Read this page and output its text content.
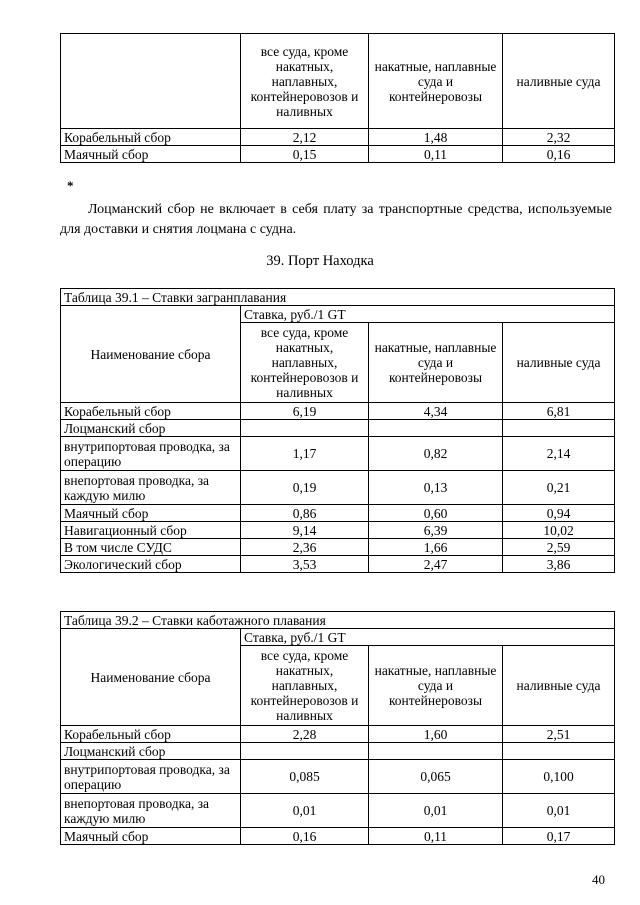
	все суда, кроме накатных, наплавных, контейнеровозов и наливных	накатные, наплавные суда и контейнеровозы	наливные суда
Корабельный сбор	2,12	1,48	2,32
Маячный сбор	0,15	0,11	0,16
*
Лоцманский сбор не включает в себя плату за транспортные средства, используемые для доставки и снятия лоцмана с судна.
39. Порт Находка
Таблица 39.1 – Ставки загранплавания			
Наименование сбора	Ставка, руб./1 GT		
	все суда, кроме накатных, наплавных, контейнеровозов и наливных	накатные, наплавные суда и контейнеровозы	наливные суда
Корабельный сбор	6,19	4,34	6,81
Лоцманский сбор			
внутрипортовая проводка, за операцию	1,17	0,82	2,14
внепортовая проводка, за каждую милю	0,19	0,13	0,21
Маячный сбор	0,86	0,60	0,94
Навигационный сбор	9,14	6,39	10,02
В том числе СУДС	2,36	1,66	2,59
Экологический сбор	3,53	2,47	3,86
Таблица 39.2 – Ставки каботажного плавания			
Наименование сбора	Ставка, руб./1 GT		
	все суда, кроме накатных, наплавных, контейнеровозов и наливных	накатные, наплавные суда и контейнеровозы	наливные суда
Корабельный сбор	2,28	1,60	2,51
Лоцманский сбор			
внутрипортовая проводка, за операцию	0,085	0,065	0,100
внепортовая проводка, за каждую милю	0,01	0,01	0,01
Маячный сбор	0,16	0,11	0,17
40
